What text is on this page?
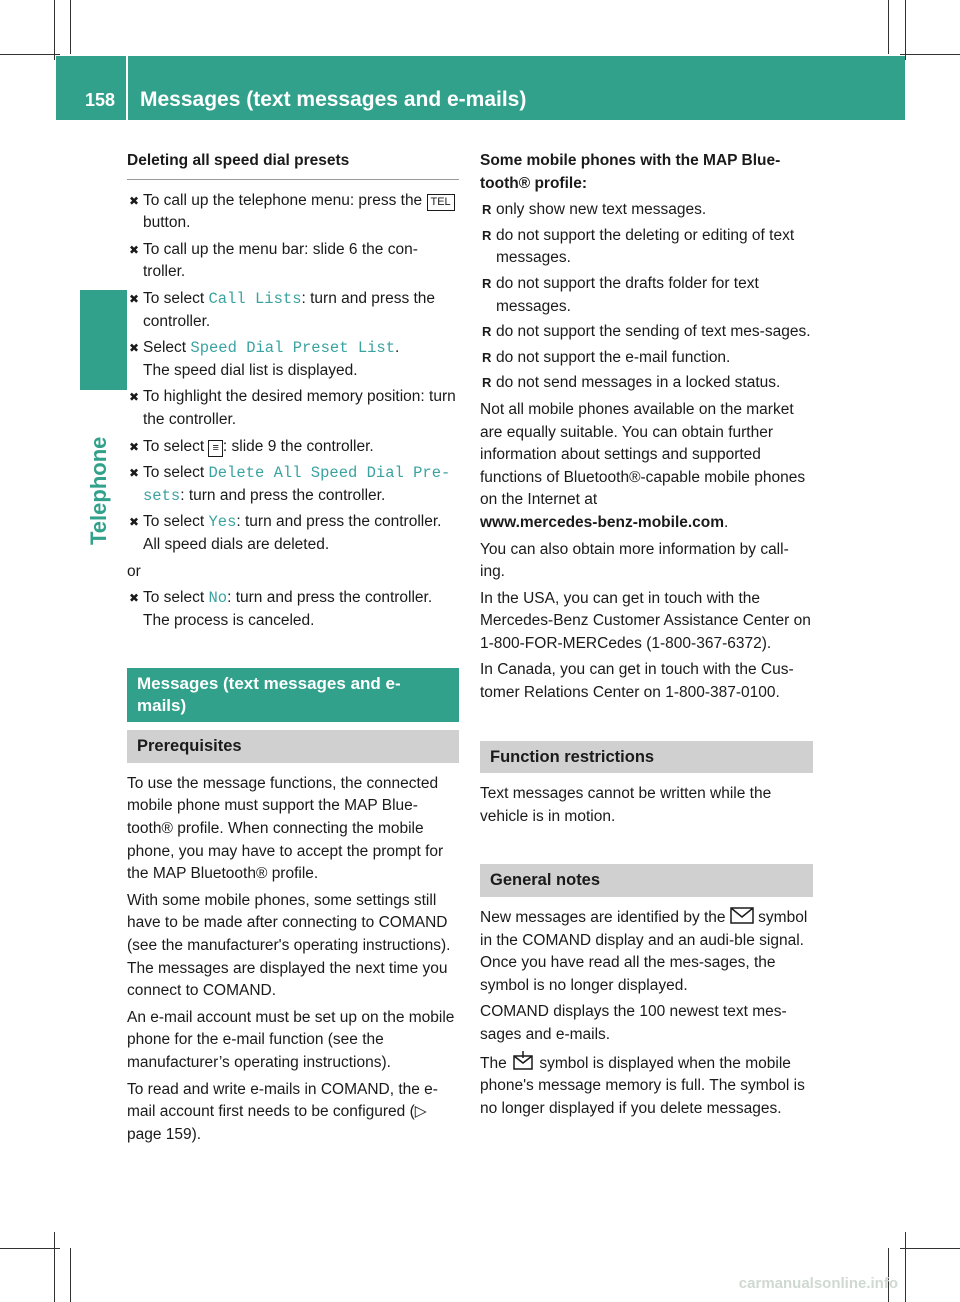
158 Messages (text messages and e-mails)
Telephone
Deleting all speed dial presets
✖ To call up the telephone menu: press the TEL button.
✖ To call up the menu bar: slide 6 the con-troller.
✖ To select Call Lists: turn and press the controller.
✖ Select Speed Dial Preset List.
The speed dial list is displayed.
✖ To highlight the desired memory position: turn the controller.
✖ To select ≡ : slide 9 the controller.
✖ To select Delete All Speed Dial Pre-sets: turn and press the controller.
✖ To select Yes: turn and press the controller.
All speed dials are deleted.

or

✖ To select No: turn and press the controller.
The process is canceled.
Messages (text messages and e-mails)
Prerequisites

To use the message functions, the connected mobile phone must support the MAP Blue-tooth® profile. When connecting the mobile phone, you may have to accept the prompt for the MAP Bluetooth® profile.

With some mobile phones, some settings still have to be made after connecting to COMAND (see the manufacturer's operating instructions). The messages are displayed the next time you connect to COMAND.

An e-mail account must be set up on the mobile phone for the e-mail function (see the manufacturer’s operating instructions).

To read and write e-mails in COMAND, the e-mail account first needs to be configured (▷ page 159).

Some mobile phones with the MAP Blue-tooth® profile:

R only show new text messages.
R do not support the deleting or editing of text messages.
R do not support the drafts folder for text messages.
R do not support the sending of text mes-sages.
R do not support the e-mail function.
R do not send messages in a locked status.

Not all mobile phones available on the market are equally suitable. You can obtain further information about settings and supported functions of Bluetooth®-capable mobile phones on the Internet at
www.mercedes-benz-mobile.com.

You can also obtain more information by call-ing.

In the USA, you can get in touch with the Mercedes-Benz Customer Assistance Center on 1-800-FOR-MERCedes (1-800-367-6372).

In Canada, you can get in touch with the Cus-tomer Relations Center on 1-800-387-0100.

Function restrictions

Text messages cannot be written while the vehicle is in motion.

General notes

New messages are identified by the  symbol in the COMAND display and an audi-ble signal. Once you have read all the mes-sages, the symbol is no longer displayed.

COMAND displays the 100 newest text mes-sages and e-mails.

The  symbol is displayed when the mobile phone's message memory is full. The symbol is no longer displayed if you delete messages.

carmanualsonline.info
